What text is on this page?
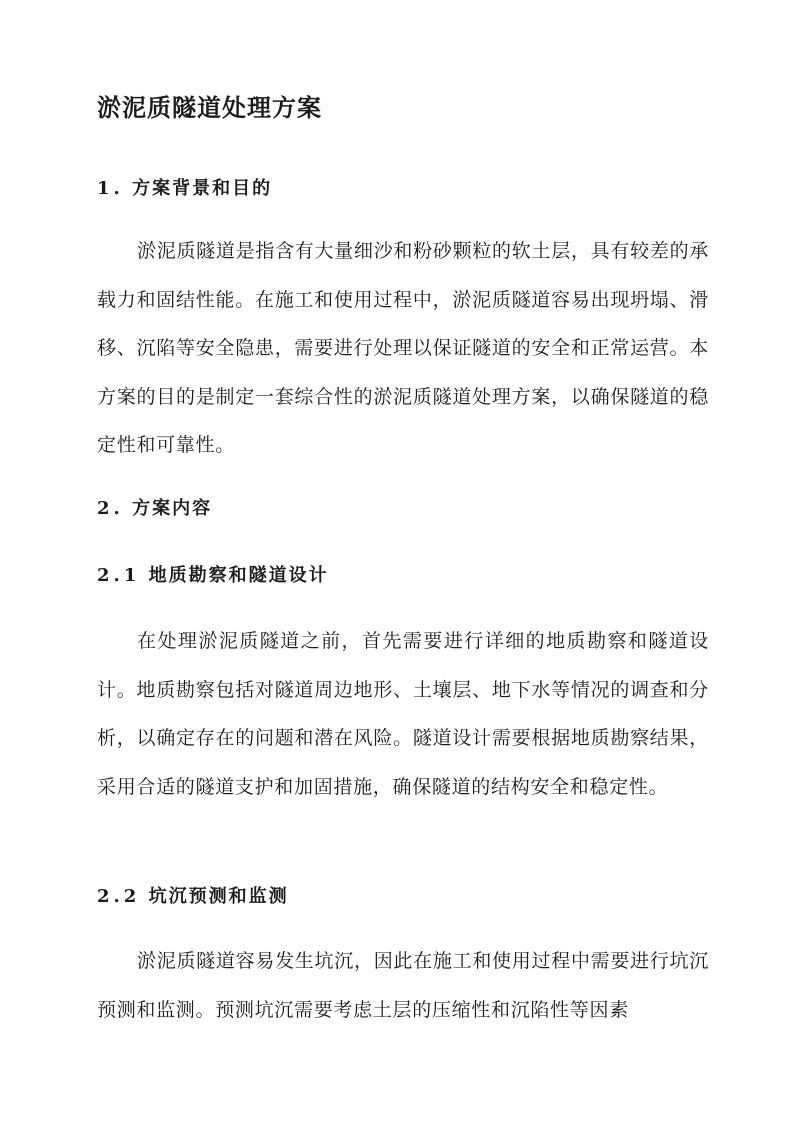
淤泥质隧道处理方案
1. 方案背景和目的

淤泥质隧道是指含有大量细沙和粉砂颗粒的软土层，具有较差的承载力和固结性能。在施工和使用过程中，淤泥质隧道容易出现坍塌、滑移、沉陷等安全隐患，需要进行处理以保证隧道的安全和正常运营。本方案的目的是制定一套综合性的淤泥质隧道处理方案，以确保隧道的稳定性和可靠性。

2. 方案内容
2.1 地质勘察和隧道设计

在处理淤泥质隧道之前，首先需要进行详细的地质勘察和隧道设计。地质勘察包括对隧道周边地形、土壤层、地下水等情况的调查和分析，以确定存在的问题和潜在风险。隧道设计需要根据地质勘察结果，采用合适的隧道支护和加固措施，确保隧道的结构安全和稳定性。

2.2 坑沉预测和监测

淤泥质隧道容易发生坑沉，因此在施工和使用过程中需要进行坑沉预测和监测。预测坑沉需要考虑土层的压缩性和沉陷性等因素
